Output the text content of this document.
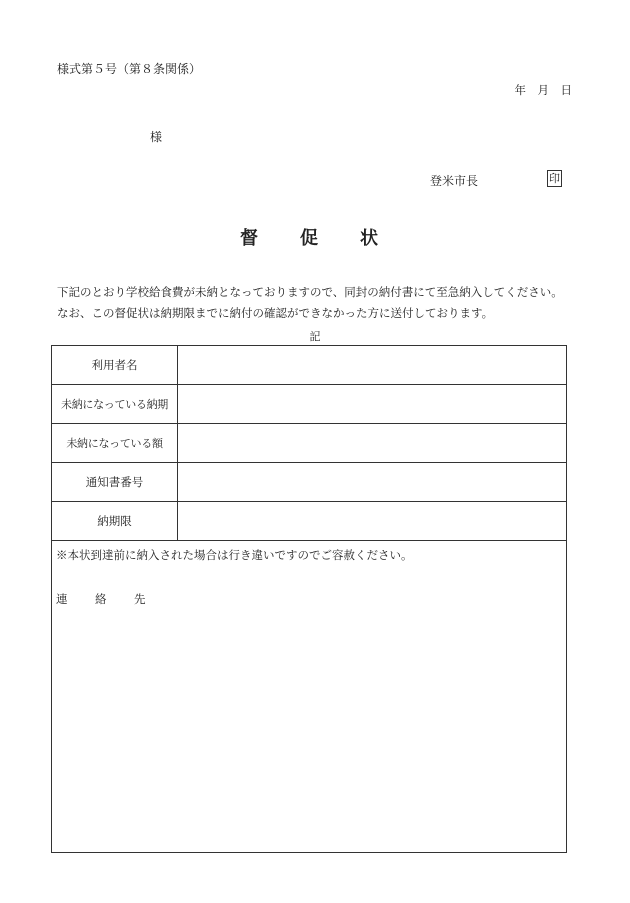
様式第５号（第８条関係）
年　月　日
様
登米市長	印
督　促　状
下記のとおり学校給食費が未納となっておりますので、同封の納付書にて至急納入してください。
なお、この督促状は納期限までに納付の確認ができなかった方に送付しております。
記
利用者名
未納になっている納期
未納になっている額
通知書番号
納期限
※本状到達前に納入された場合は行き違いですのでご容赦ください。
連　絡　先
